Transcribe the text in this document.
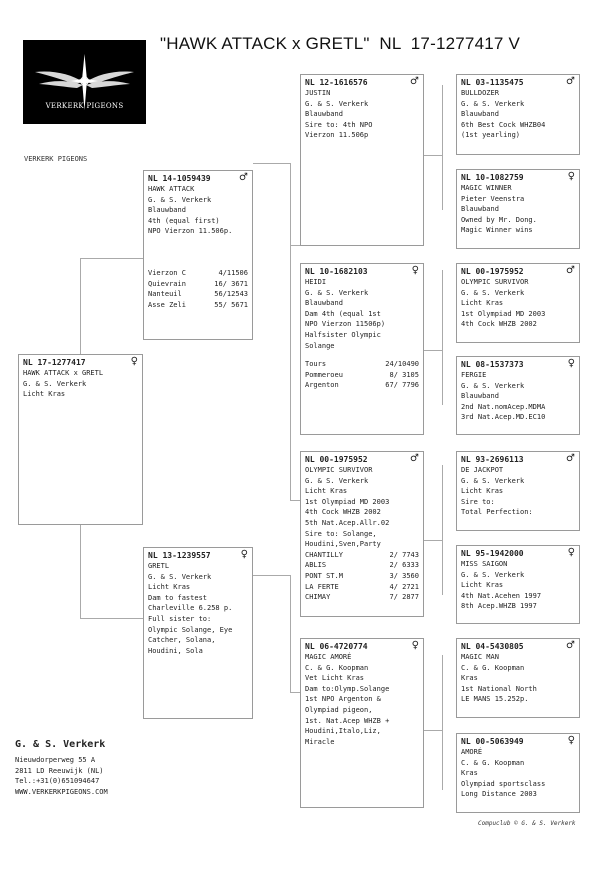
VERKERK PIGEONS
"HAWK ATTACK x GRETL"  NL  17-1277417 V
VERKERK PIGEONS
NL 17-1277417	♀
HAWK ATTACK x GRETL
G. & S. Verkerk
Licht Kras
NL 14-1059439	♂
HAWK ATTACK
G. & S. Verkerk
Blauwband
4th (equal first)
NPO Vierzon 11.506p.
Vierzon C	4/11506
Quievrain	16/ 3671
Nanteuil	56/12543
Asse Zeli	55/ 5671
NL 13-1239557	♀
GRETL
G. & S. Verkerk
Licht Kras
Dam to fastest
Charleville 6.258 p.
Full sister to:
Olympic Solange, Eye
Catcher, Solana,
Houdini, Sola
NL 12-1616576	♂
JUSTIN
G. & S. Verkerk
Blauwband
Sire to: 4th NPO
Vierzon 11.506p
NL 10-1682103	♀
HEIDI
G. & S. Verkerk
Blauwband
Dam 4th (equal 1st
NPO Vierzon 11506p)
Halfsister Olympic
Solange
Tours	24/10490
Pommeroeu	8/ 3105
Argenton	67/ 7796
NL 00-1975952	♂
OLYMPIC SURVIVOR
G. & S. Verkerk
Licht Kras
1st Olympiad MD 2003
4th Cock WHZB 2002
5th Nat.Acep.Allr.02
Sire to: Solange,
Houdini,Sven,Party
CHANTILLY	2/ 7743
ABLIS	2/ 6333
PONT ST.M	3/ 3560
LA FERTE	4/ 2721
CHIMAY	7/ 2877
NL 06-4720774	♀
MAGIC AMORÉ
C. & G. Koopman
Vet Licht Kras
Dam to:Olymp.Solange
1st NPO Argenton &
Olympiad pigeon,
1st. Nat.Acep WHZB +
Houdini,Italo,Liz,
Miracle
NL 03-1135475	♂
BULLDOZER
G. & S. Verkerk
Blauwband
6th Best Cock WHZB04
(1st yearling)
NL 10-1082759	♀
MAGIC WINNER
Pieter Veenstra
Blauwband
Owned by Mr. Dong.
Magic Winner wins
NL 00-1975952	♂
OLYMPIC SURVIVOR
G. & S. Verkerk
Licht Kras
1st Olympiad MD 2003
4th Cock WHZB 2002
NL 08-1537373	♀
FERGIE
G. & S. Verkerk
Blauwband
2nd Nat.nomAcep.MDMA
3rd Nat.Acep.MD.EC10
NL 93-2696113	♂
DE JACKPOT
G. & S. Verkerk
Licht Kras
Sire to:
Total Perfection:
NL 95-1942000	♀
MISS SAIGON
G. & S. Verkerk
Licht Kras
4th Nat.Acehen 1997
8th Acep.WHZB 1997
NL 04-5430805	♂
MAGIC MAN
C. & G. Koopman
Kras
1st National North
LE MANS 15.252p.
NL 00-5063949	♀
AMORÉ
C. & G. Koopman
Kras
Olympiad sportsclass
Long Distance 2003
G. & S. Verkerk
Nieuwdorperweg 55 A
2811 LD Reeuwijk (NL)
Tel.:+31(0)651094647
WWW.VERKERKPIGEONS.COM
Compuclub © G. & S. Verkerk
